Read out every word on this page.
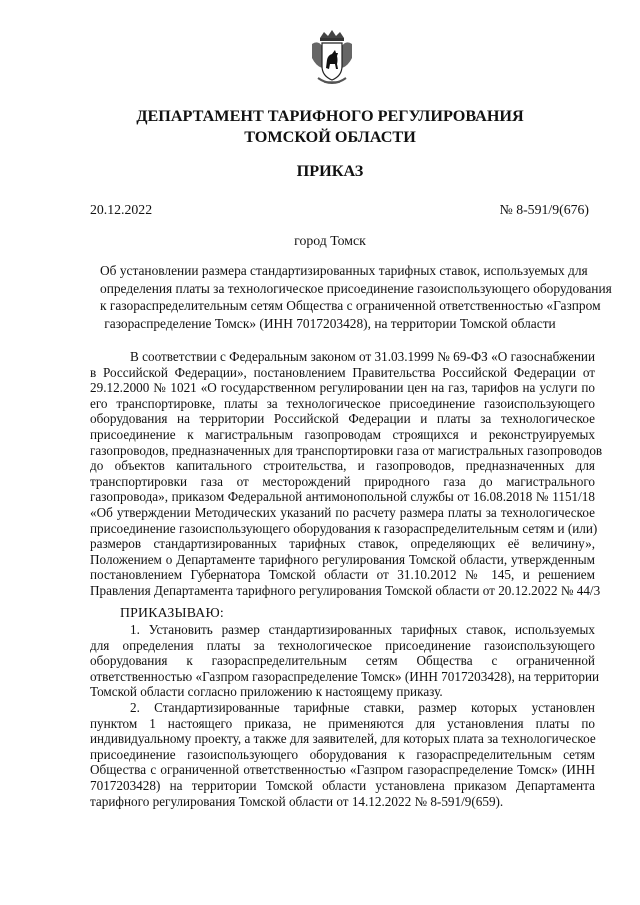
ДЕПАРТАМЕНТ ТАРИФНОГО РЕГУЛИРОВАНИЯ
ТОМСКОЙ ОБЛАСТИ
ПРИКАЗ
20.12.2022	№ 8-591/9(676)
город Томск
Об установлении размера стандартизированных тарифных ставок, используемых для
определения платы за технологическое присоединение газоиспользующего оборудования
к газораспределительным сетям Общества с ограниченной ответственностью «Газпром
газораспределение Томск» (ИНН 7017203428), на территории Томской области
В соответствии с Федеральным законом от 31.03.1999 № 69-ФЗ «О газоснабжении
в Российской Федерации», постановлением Правительства Российской Федерации от
29.12.2000 № 1021 «О государственном регулировании цен на газ, тарифов на услуги по
его транспортировке, платы за технологическое присоединение газоиспользующего
оборудования на территории Российской Федерации и платы за технологическое
присоединение к магистральным газопроводам строящихся и реконструируемых
газопроводов, предназначенных для транспортировки газа от магистральных газопроводов
до объектов капитального строительства, и газопроводов, предназначенных для
транспортировки газа от месторождений природного газа до магистрального
газопровода», приказом Федеральной антимонопольной службы от 16.08.2018 № 1151/18
«Об утверждении Методических указаний по расчету размера платы за технологическое
присоединение газоиспользующего оборудования к газораспределительным сетям и (или)
размеров стандартизированных тарифных ставок, определяющих её величину»,
Положением о Департаменте тарифного регулирования Томской области, утвержденным
постановлением Губернатора Томской области от 31.10.2012 № 145, и решением
Правления Департамента тарифного регулирования Томской области от 20.12.2022 № 44/3
ПРИКАЗЫВАЮ:
1. Установить размер стандартизированных тарифных ставок, используемых
для определения платы за технологическое присоединение газоиспользующего
оборудования к газораспределительным сетям Общества с ограниченной
ответственностью «Газпром газораспределение Томск» (ИНН 7017203428), на территории
Томской области согласно приложению к настоящему приказу.
2. Стандартизированные тарифные ставки, размер которых установлен
пунктом 1 настоящего приказа, не применяются для установления платы по
индивидуальному проекту, а также для заявителей, для которых плата за технологическое
присоединение газоиспользующего оборудования к газораспределительным сетям
Общества с ограниченной ответственностью «Газпром газораспределение Томск» (ИНН
7017203428) на территории Томской области установлена приказом Департамента
тарифного регулирования Томской области от 14.12.2022 № 8-591/9(659).
